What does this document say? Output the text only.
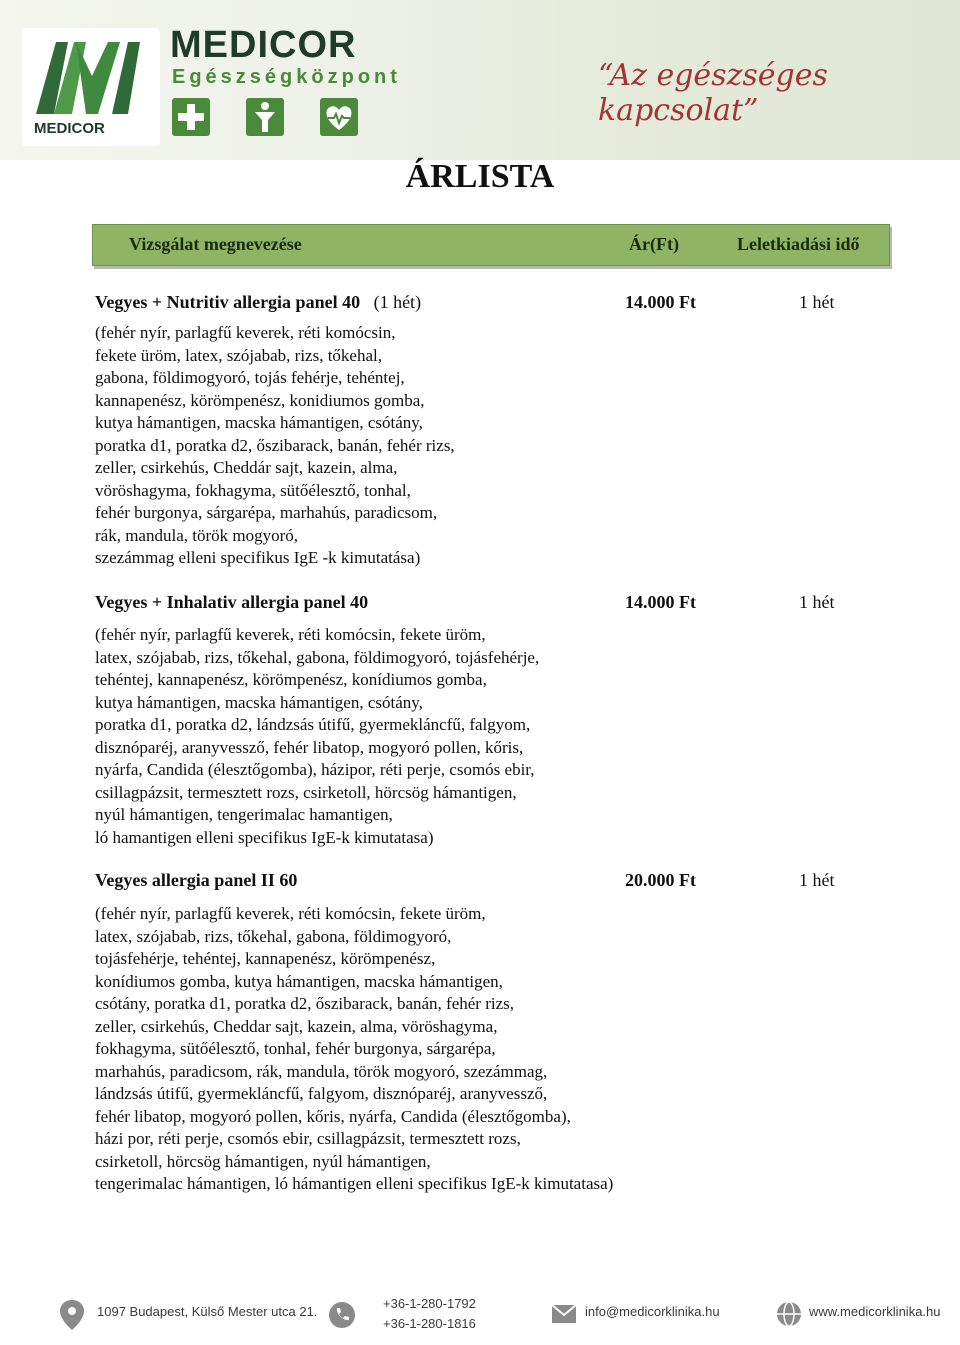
MEDICOR
MEDICOR
Egészségközpont	“Az egészséges kapcsolat”
ÁRLISTA
Vizsgálat megnevezése	Ár(Ft)	Leletkiadási idő
Vegyes + Nutritiv allergia panel 40 (1 hét)	14.000 Ft	1 hét
(fehér nyír, parlagfű keverek, réti komócsin,
fekete üröm, latex, szójabab, rizs, tőkehal,
gabona, földimogyoró, tojás fehérje, tehéntej,
kannapenész, körömpenész, konidiumos gomba,
kutya hámantigen, macska hámantigen, csótány,
poratka d1, poratka d2, őszibarack, banán, fehér rizs,
zeller, csirkehús, Cheddár sajt, kazein, alma,
vöröshagyma, fokhagyma, sütőélesztő, tonhal,
fehér burgonya, sárgarépa, marhahús, paradicsom,
rák, mandula, török mogyoró,
szezámmag elleni specifikus IgE -k kimutatása)
Vegyes + Inhalativ allergia panel 40	14.000 Ft	1 hét
(fehér nyír, parlagfű keverek, réti komócsin, fekete üröm,
latex, szójabab, rizs, tőkehal, gabona, földimogyoró, tojásfehérje,
tehéntej, kannapenész, körömpenész, konídiumos gomba,
kutya hámantigen, macska hámantigen, csótány,
poratka d1, poratka d2, lándzsás útifű, gyermekláncfű, falgyom,
disznóparéj, aranyvessző, fehér libatop, mogyoró pollen, kőris,
nyárfa, Candida (élesztőgomba), házipor, réti perje, csomós ebir,
csillagpázsit, termesztett rozs, csirketoll, hörcsög hámantigen,
nyúl hámantigen, tengerimalac hamantigen,
ló hamantigen elleni specifikus IgE-k kimutatasa)
Vegyes allergia panel II 60	20.000 Ft	1 hét
(fehér nyír, parlagfű keverek, réti komócsin, fekete üröm,
latex, szójabab, rizs, tőkehal, gabona, földimogyoró,
tojásfehérje, tehéntej, kannapenész, körömpenész,
konídiumos gomba, kutya hámantigen, macska hámantigen,
csótány, poratka d1, poratka d2, őszibarack, banán, fehér rizs,
zeller, csirkehús, Cheddar sajt, kazein, alma, vöröshagyma,
fokhagyma, sütőélesztő, tonhal, fehér burgonya, sárgarépa,
marhahús, paradicsom, rák, mandula, török mogyoró, szezámmag,
lándzsás útifű, gyermekláncfű, falgyom, disznóparéj, aranyvessző,
fehér libatop, mogyoró pollen, kőris, nyárfa, Candida (élesztőgomba),
házi por, réti perje, csomós ebir, csillagpázsit, termesztett rozs,
csirketoll, hörcsög hámantigen, nyúl hámantigen,
tengerimalac hámantigen, ló hámantigen elleni specifikus IgE-k kimutatasa)
1097 Budapest, Külső Mester utca 21.
+36-1-280-1792
+36-1-280-1816
info@medicorklinika.hu	www.medicorklinika.hu
